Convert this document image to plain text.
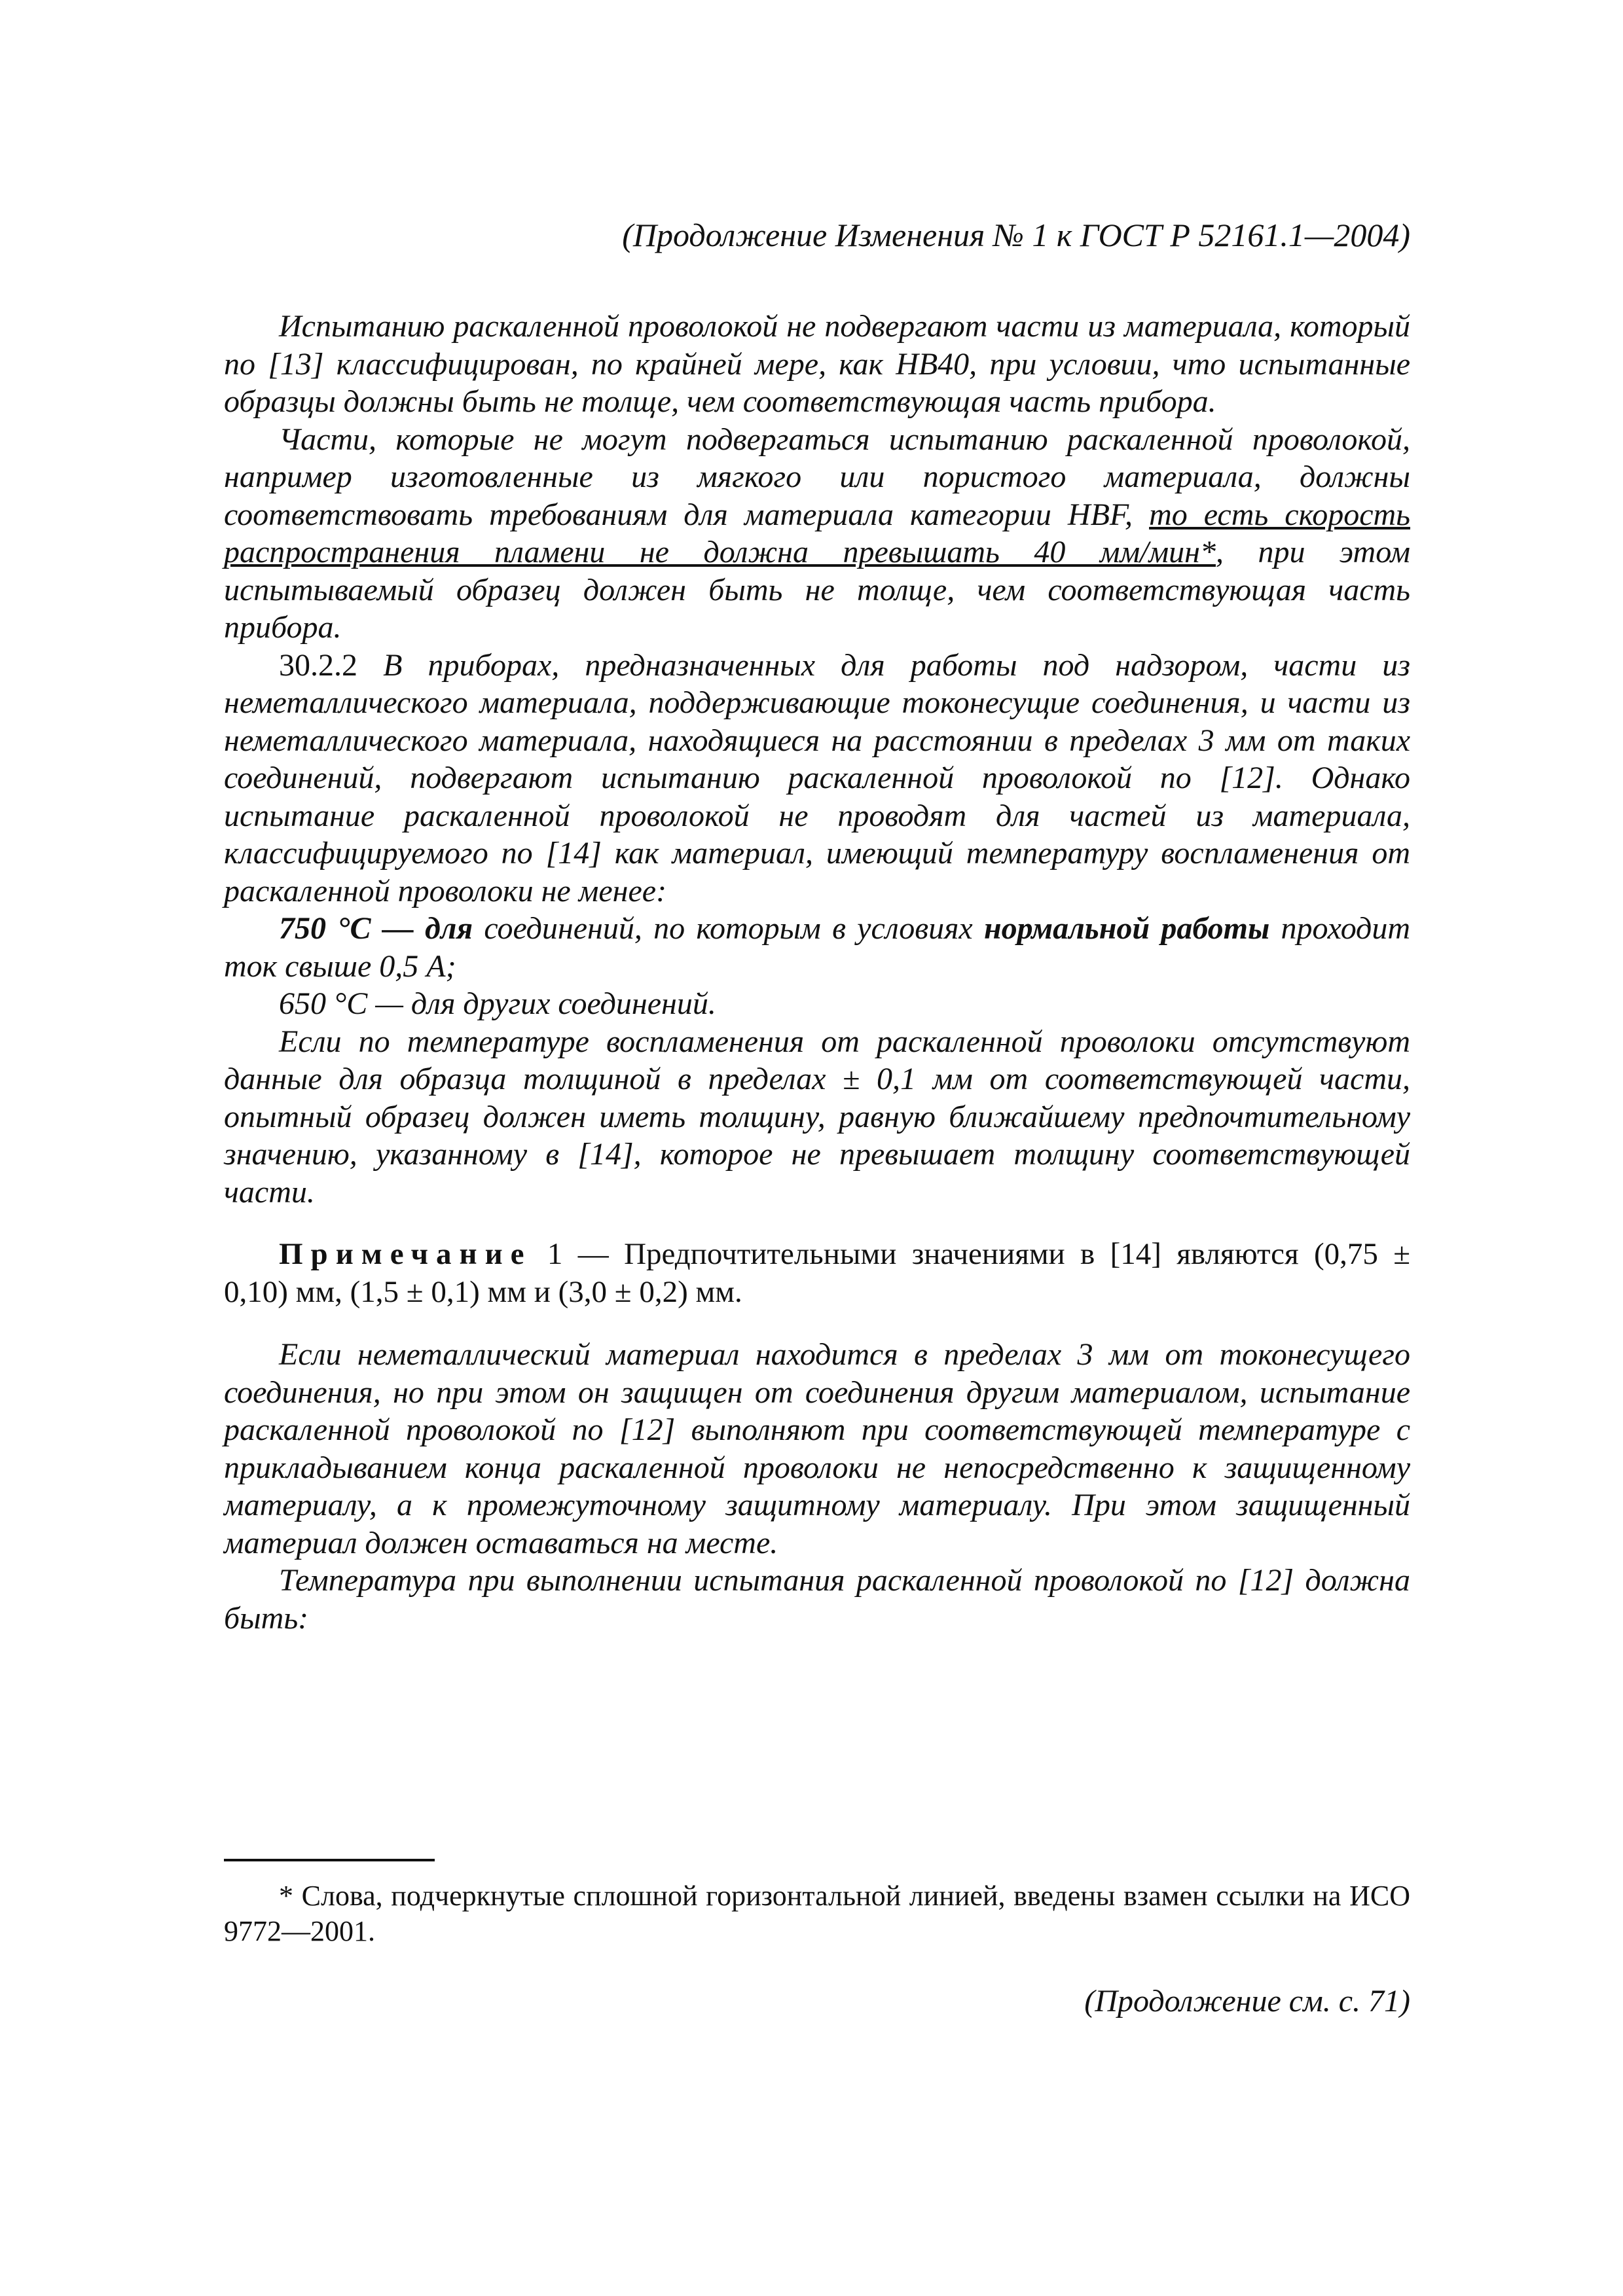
(Продолжение Изменения № 1 к ГОСТ Р 52161.1—2004)

Испытанию раскаленной проволокой не подвергают части из материала, который по [13] классифицирован, по крайней мере, как НВ40, при условии, что испытанные образцы должны быть не толще, чем соответствующая часть прибора.

Части, которые не могут подвергаться испытанию раскаленной проволокой, например изготовленные из мягкого или пористого материала, должны соответствовать требованиям для материала категории НВF, то есть скорость распространения пламени не должна превышать 40 мм/мин*, при этом испытываемый образец должен быть не толще, чем соответствующая часть прибора.

30.2.2 В приборах, предназначенных для работы под надзором, части из неметаллического материала, поддерживающие токонесущие соединения, и части из неметаллического материала, находящиеся на расстоянии в пределах 3 мм от таких соединений, подвергают испытанию раскаленной проволокой по [12]. Однако испытание раскаленной проволокой не проводят для частей из материала, классифицируемого по [14] как материал, имеющий температуру воспламенения от раскаленной проволоки не менее:

750 °С — для соединений, по которым в условиях нормальной работы проходит ток свыше 0,5 А;

650 °С — для других соединений.

Если по температуре воспламенения от раскаленной проволоки отсутствуют данные для образца толщиной в пределах ± 0,1 мм от соответствующей части, опытный образец должен иметь толщину, равную ближайшему предпочтительному значению, указанному в [14], которое не превышает толщину соответствующей части.

Примечание 1 — Предпочтительными значениями в [14] являются (0,75 ± 0,10) мм, (1,5 ± 0,1) мм и (3,0 ± 0,2) мм.

Если неметаллический материал находится в пределах 3 мм от токонесущего соединения, но при этом он защищен от соединения другим материалом, испытание раскаленной проволокой по [12] выполняют при соответствующей температуре с прикладыванием конца раскаленной проволоки не непосредственно к защищенному материалу, а к промежуточному защитному материалу. При этом защищенный материал должен оставаться на месте.

Температура при выполнении испытания раскаленной проволокой по [12] должна быть:

* Слова, подчеркнутые сплошной горизонтальной линией, введены взамен ссылки на ИСО 9772—2001.
(Продолжение см. с. 71)
